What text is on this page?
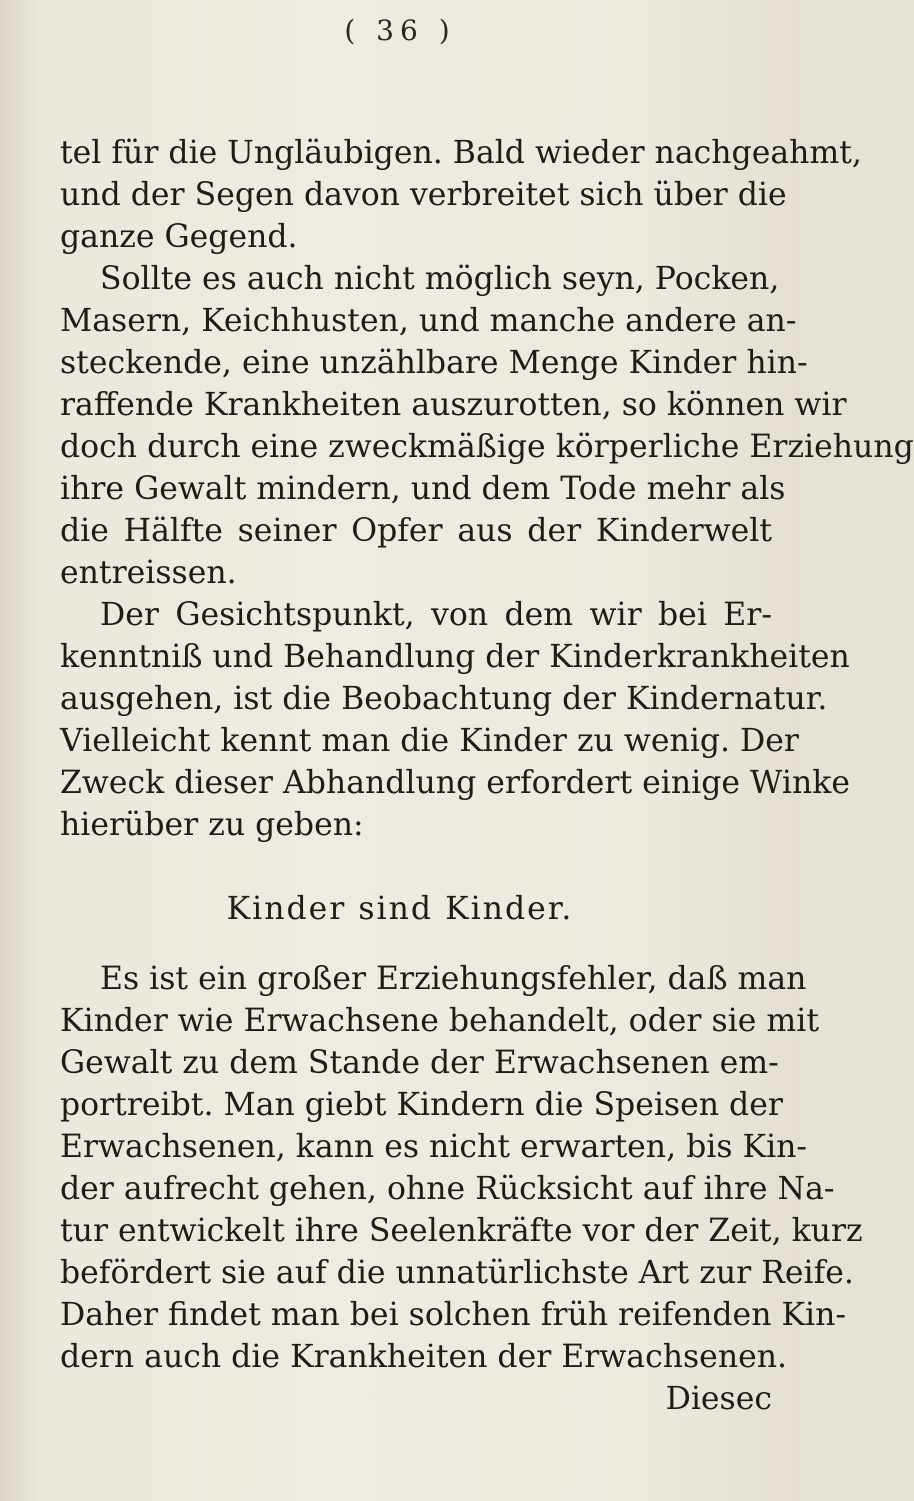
( 36 )
tel für die Ungläubigen. Bald wieder nachgeahmt,
und der Segen davon verbreitet sich über die
ganze Gegend.
Sollte es auch nicht möglich seyn, Pocken,
Masern, Keichhusten, und manche andere an-
steckende, eine unzählbare Menge Kinder hin-
raffende Krankheiten auszurotten, so können wir
doch durch eine zweckmäßige körperliche Erziehung
ihre Gewalt mindern, und dem Tode mehr als
die Hälfte seiner Opfer aus der Kinderwelt
entreissen.
Der Gesichtspunkt, von dem wir bei Er-
kenntniß und Behandlung der Kinderkrankheiten
ausgehen, ist die Beobachtung der Kindernatur.
Vielleicht kennt man die Kinder zu wenig. Der
Zweck dieser Abhandlung erfordert einige Winke
hierüber zu geben:
Kinder sind Kinder.
Es ist ein großer Erziehungsfehler, daß man
Kinder wie Erwachsene behandelt, oder sie mit
Gewalt zu dem Stande der Erwachsenen em-
portreibt. Man giebt Kindern die Speisen der
Erwachsenen, kann es nicht erwarten, bis Kin-
der aufrecht gehen, ohne Rücksicht auf ihre Na-
tur entwickelt ihre Seelenkräfte vor der Zeit, kurz
befördert sie auf die unnatürlichste Art zur Reife.
Daher findet man bei solchen früh reifenden Kin-
dern auch die Krankheiten der Erwachsenen.
Diesec
